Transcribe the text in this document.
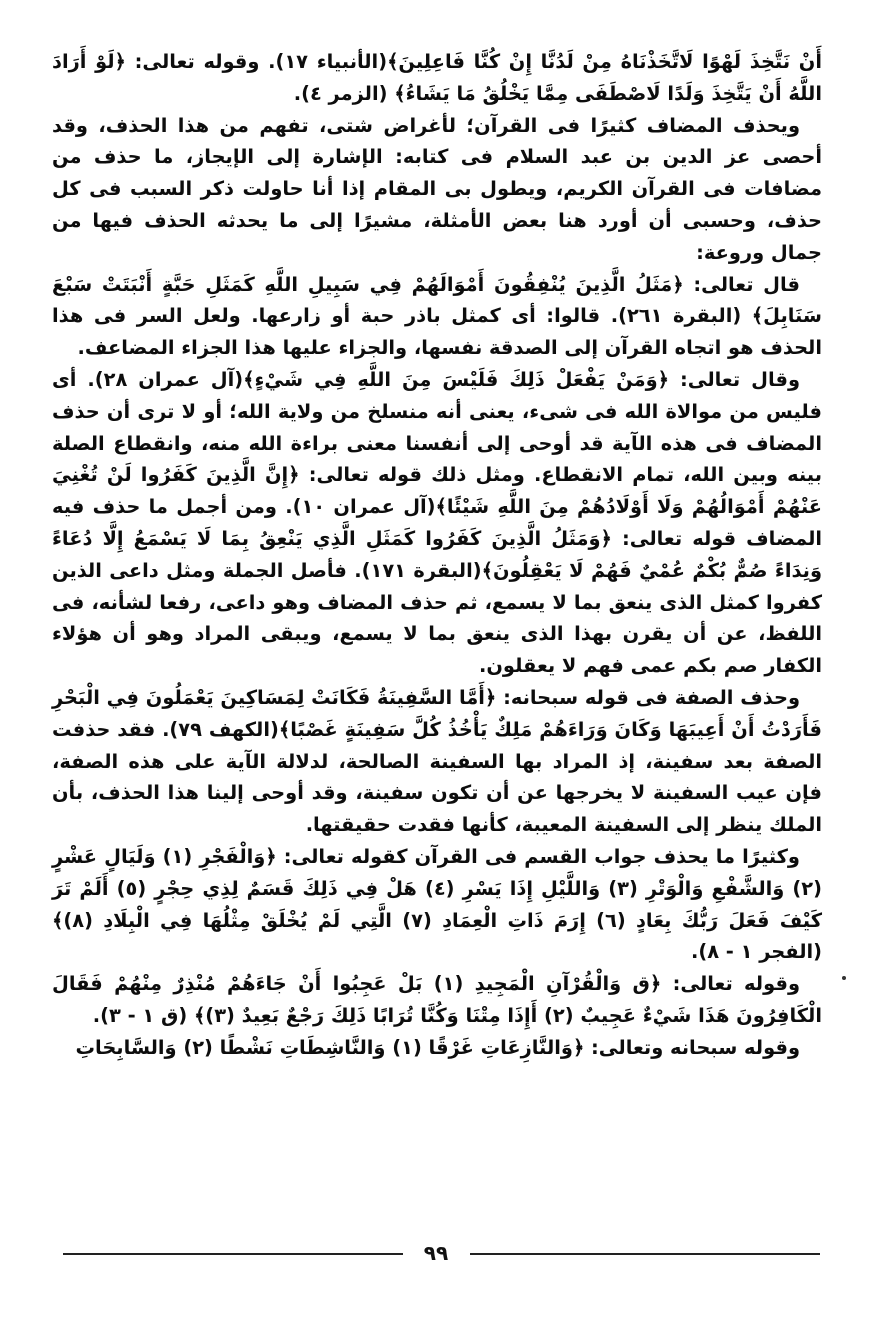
أَنْ نَتَّخِذَ لَهْوًا لَاتَّخَذْنَاهُ مِنْ لَدُنَّا إِنْ كُنَّا فَاعِلِينَ﴾(الأنبياء ١٧). وقوله تعالى: ﴿لَوْ أَرَادَ اللَّهُ أَنْ يَتَّخِذَ وَلَدًا لَاصْطَفَى مِمَّا يَخْلُقُ مَا يَشَاءُ﴾ (الزمر ٤).

ويحذف المضاف كثيرًا فى القرآن؛ لأغراض شتى، تفهم من هذا الحذف، وقد أحصى عز الدين بن عبد السلام فى كتابه: الإشارة إلى الإيجاز، ما حذف من مضافات فى القرآن الكريم، ويطول بى المقام إذا أنا حاولت ذكر السبب فى كل حذف، وحسبى أن أورد هنا بعض الأمثلة، مشيرًا إلى ما يحدثه الحذف فيها من جمال وروعة:

قال تعالى: ﴿مَثَلُ الَّذِينَ يُنْفِقُونَ أَمْوَالَهُمْ فِي سَبِيلِ اللَّهِ كَمَثَلِ حَبَّةٍ أَنْبَتَتْ سَبْعَ سَنَابِلَ﴾ (البقرة ٢٦١). قالوا: أى كمثل باذر حبة أو زارعها. ولعل السر فى هذا الحذف هو اتجاه القرآن إلى الصدقة نفسها، والجزاء عليها هذا الجزاء المضاعف.

وقال تعالى: ﴿وَمَنْ يَفْعَلْ ذَلِكَ فَلَيْسَ مِنَ اللَّهِ فِي شَيْءٍ﴾(آل عمران ٢٨). أى فليس من موالاة الله فى شىء، يعنى أنه منسلخ من ولاية الله؛ أو لا ترى أن حذف المضاف فى هذه الآية قد أوحى إلى أنفسنا معنى براءة الله منه، وانقطاع الصلة بينه وبين الله، تمام الانقطاع. ومثل ذلك قوله تعالى: ﴿إِنَّ الَّذِينَ كَفَرُوا لَنْ تُغْنِيَ عَنْهُمْ أَمْوَالُهُمْ وَلَا أَوْلَادُهُمْ مِنَ اللَّهِ شَيْئًا﴾(آل عمران ١٠). ومن أجمل ما حذف فيه المضاف قوله تعالى: ﴿وَمَثَلُ الَّذِينَ كَفَرُوا كَمَثَلِ الَّذِي يَنْعِقُ بِمَا لَا يَسْمَعُ إِلَّا دُعَاءً وَنِدَاءً صُمٌّ بُكْمٌ عُمْيٌ فَهُمْ لَا يَعْقِلُونَ﴾(البقرة ١٧١). فأصل الجملة ومثل داعى الذين كفروا كمثل الذى ينعق بما لا يسمع، ثم حذف المضاف وهو داعى، رفعا لشأنه، فى اللفظ، عن أن يقرن بهذا الذى ينعق بما لا يسمع، ويبقى المراد وهو أن هؤلاء الكفار صم بكم عمى فهم لا يعقلون.

وحذف الصفة فى قوله سبحانه: ﴿أَمَّا السَّفِينَةُ فَكَانَتْ لِمَسَاكِينَ يَعْمَلُونَ فِي الْبَحْرِ فَأَرَدْتُ أَنْ أَعِيبَهَا وَكَانَ وَرَاءَهُمْ مَلِكٌ يَأْخُذُ كُلَّ سَفِينَةٍ غَصْبًا﴾(الكهف ٧٩). فقد حذفت الصفة بعد سفينة، إذ المراد بها السفينة الصالحة، لدلالة الآية على هذه الصفة، فإن عيب السفينة لا يخرجها عن أن تكون سفينة، وقد أوحى إلينا هذا الحذف، بأن الملك ينظر إلى السفينة المعيبة، كأنها فقدت حقيقتها.

وكثيرًا ما يحذف جواب القسم فى القرآن كقوله تعالى: ﴿وَالْفَجْرِ (١) وَلَيَالٍ عَشْرٍ (٢) وَالشَّفْعِ وَالْوَتْرِ (٣) وَاللَّيْلِ إِذَا يَسْرِ (٤) هَلْ فِي ذَلِكَ قَسَمٌ لِذِي حِجْرٍ (٥) أَلَمْ تَرَ كَيْفَ فَعَلَ رَبُّكَ بِعَادٍ (٦) إِرَمَ ذَاتِ الْعِمَادِ (٧) الَّتِي لَمْ يُخْلَقْ مِثْلُهَا فِي الْبِلَادِ (٨)﴾ (الفجر ١ - ٨).

وقوله تعالى: ﴿ق وَالْقُرْآنِ الْمَجِيدِ (١) بَلْ عَجِبُوا أَنْ جَاءَهُمْ مُنْذِرٌ مِنْهُمْ فَقَالَ الْكَافِرُونَ هَذَا شَيْءٌ عَجِيبٌ (٢) أَإِذَا مِتْنَا وَكُنَّا تُرَابًا ذَلِكَ رَجْعٌ بَعِيدٌ (٣)﴾ (ق ١ - ٣).

وقوله سبحانه وتعالى: ﴿وَالنَّازِعَاتِ غَرْقًا (١) وَالنَّاشِطَاتِ نَشْطًا (٢) وَالسَّابِحَاتِ

٩٩
